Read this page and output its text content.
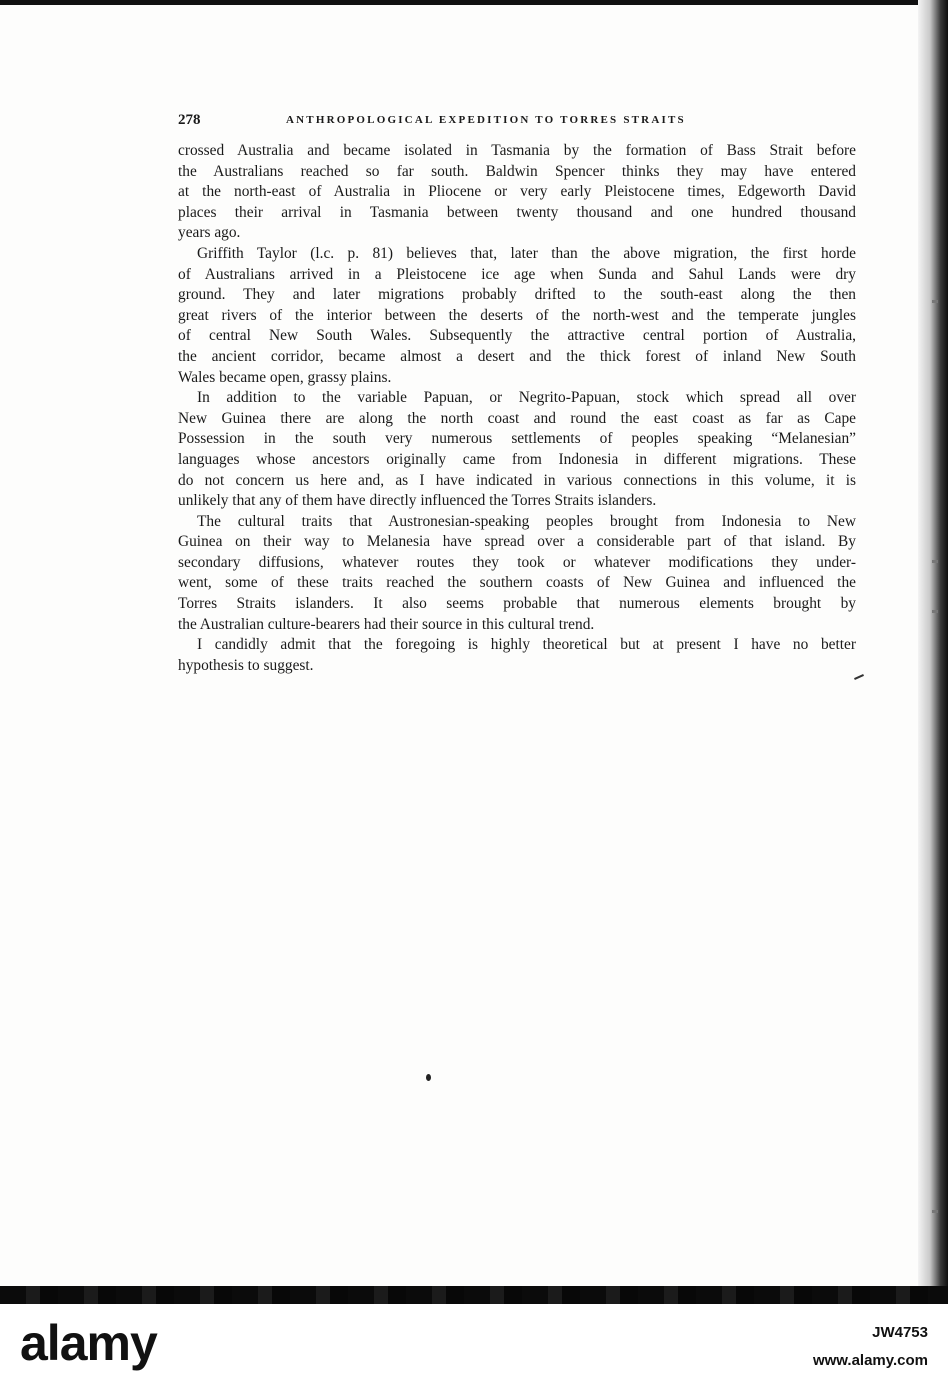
278	ANTHROPOLOGICAL EXPEDITION TO TORRES STRAITS

crossed Australia and became isolated in Tasmania by the formation of Bass Strait before

the Australians reached so far south. Baldwin Spencer thinks they may have entered

at the north-east of Australia in Pliocene or very early Pleistocene times, Edgeworth David

places their arrival in Tasmania between twenty thousand and one hundred thousand

years ago.

Griffith Taylor (l.c. p. 81) believes that, later than the above migration, the first horde

of Australians arrived in a Pleistocene ice age when Sunda and Sahul Lands were dry

ground. They and later migrations probably drifted to the south-east along the then

great rivers of the interior between the deserts of the north-west and the temperate jungles

of central New South Wales. Subsequently the attractive central portion of Australia,

the ancient corridor, became almost a desert and the thick forest of inland New South

Wales became open, grassy plains.

In addition to the variable Papuan, or Negrito-Papuan, stock which spread all over

New Guinea there are along the north coast and round the east coast as far as Cape

Possession in the south very numerous settlements of peoples speaking “Melanesian”

languages whose ancestors originally came from Indonesia in different migrations. These

do not concern us here and, as I have indicated in various connections in this volume, it is

unlikely that any of them have directly influenced the Torres Straits islanders.

The cultural traits that Austronesian-speaking peoples brought from Indonesia to New

Guinea on their way to Melanesia have spread over a considerable part of that island. By

secondary diffusions, whatever routes they took or whatever modifications they under-

went, some of these traits reached the southern coasts of New Guinea and influenced the

Torres Straits islanders. It also seems probable that numerous elements brought by

the Australian culture-bearers had their source in this cultural trend.

I candidly admit that the foregoing is highly theoretical but at present I have no better

hypothesis to suggest.

alamy	JW4753
www.alamy.com
